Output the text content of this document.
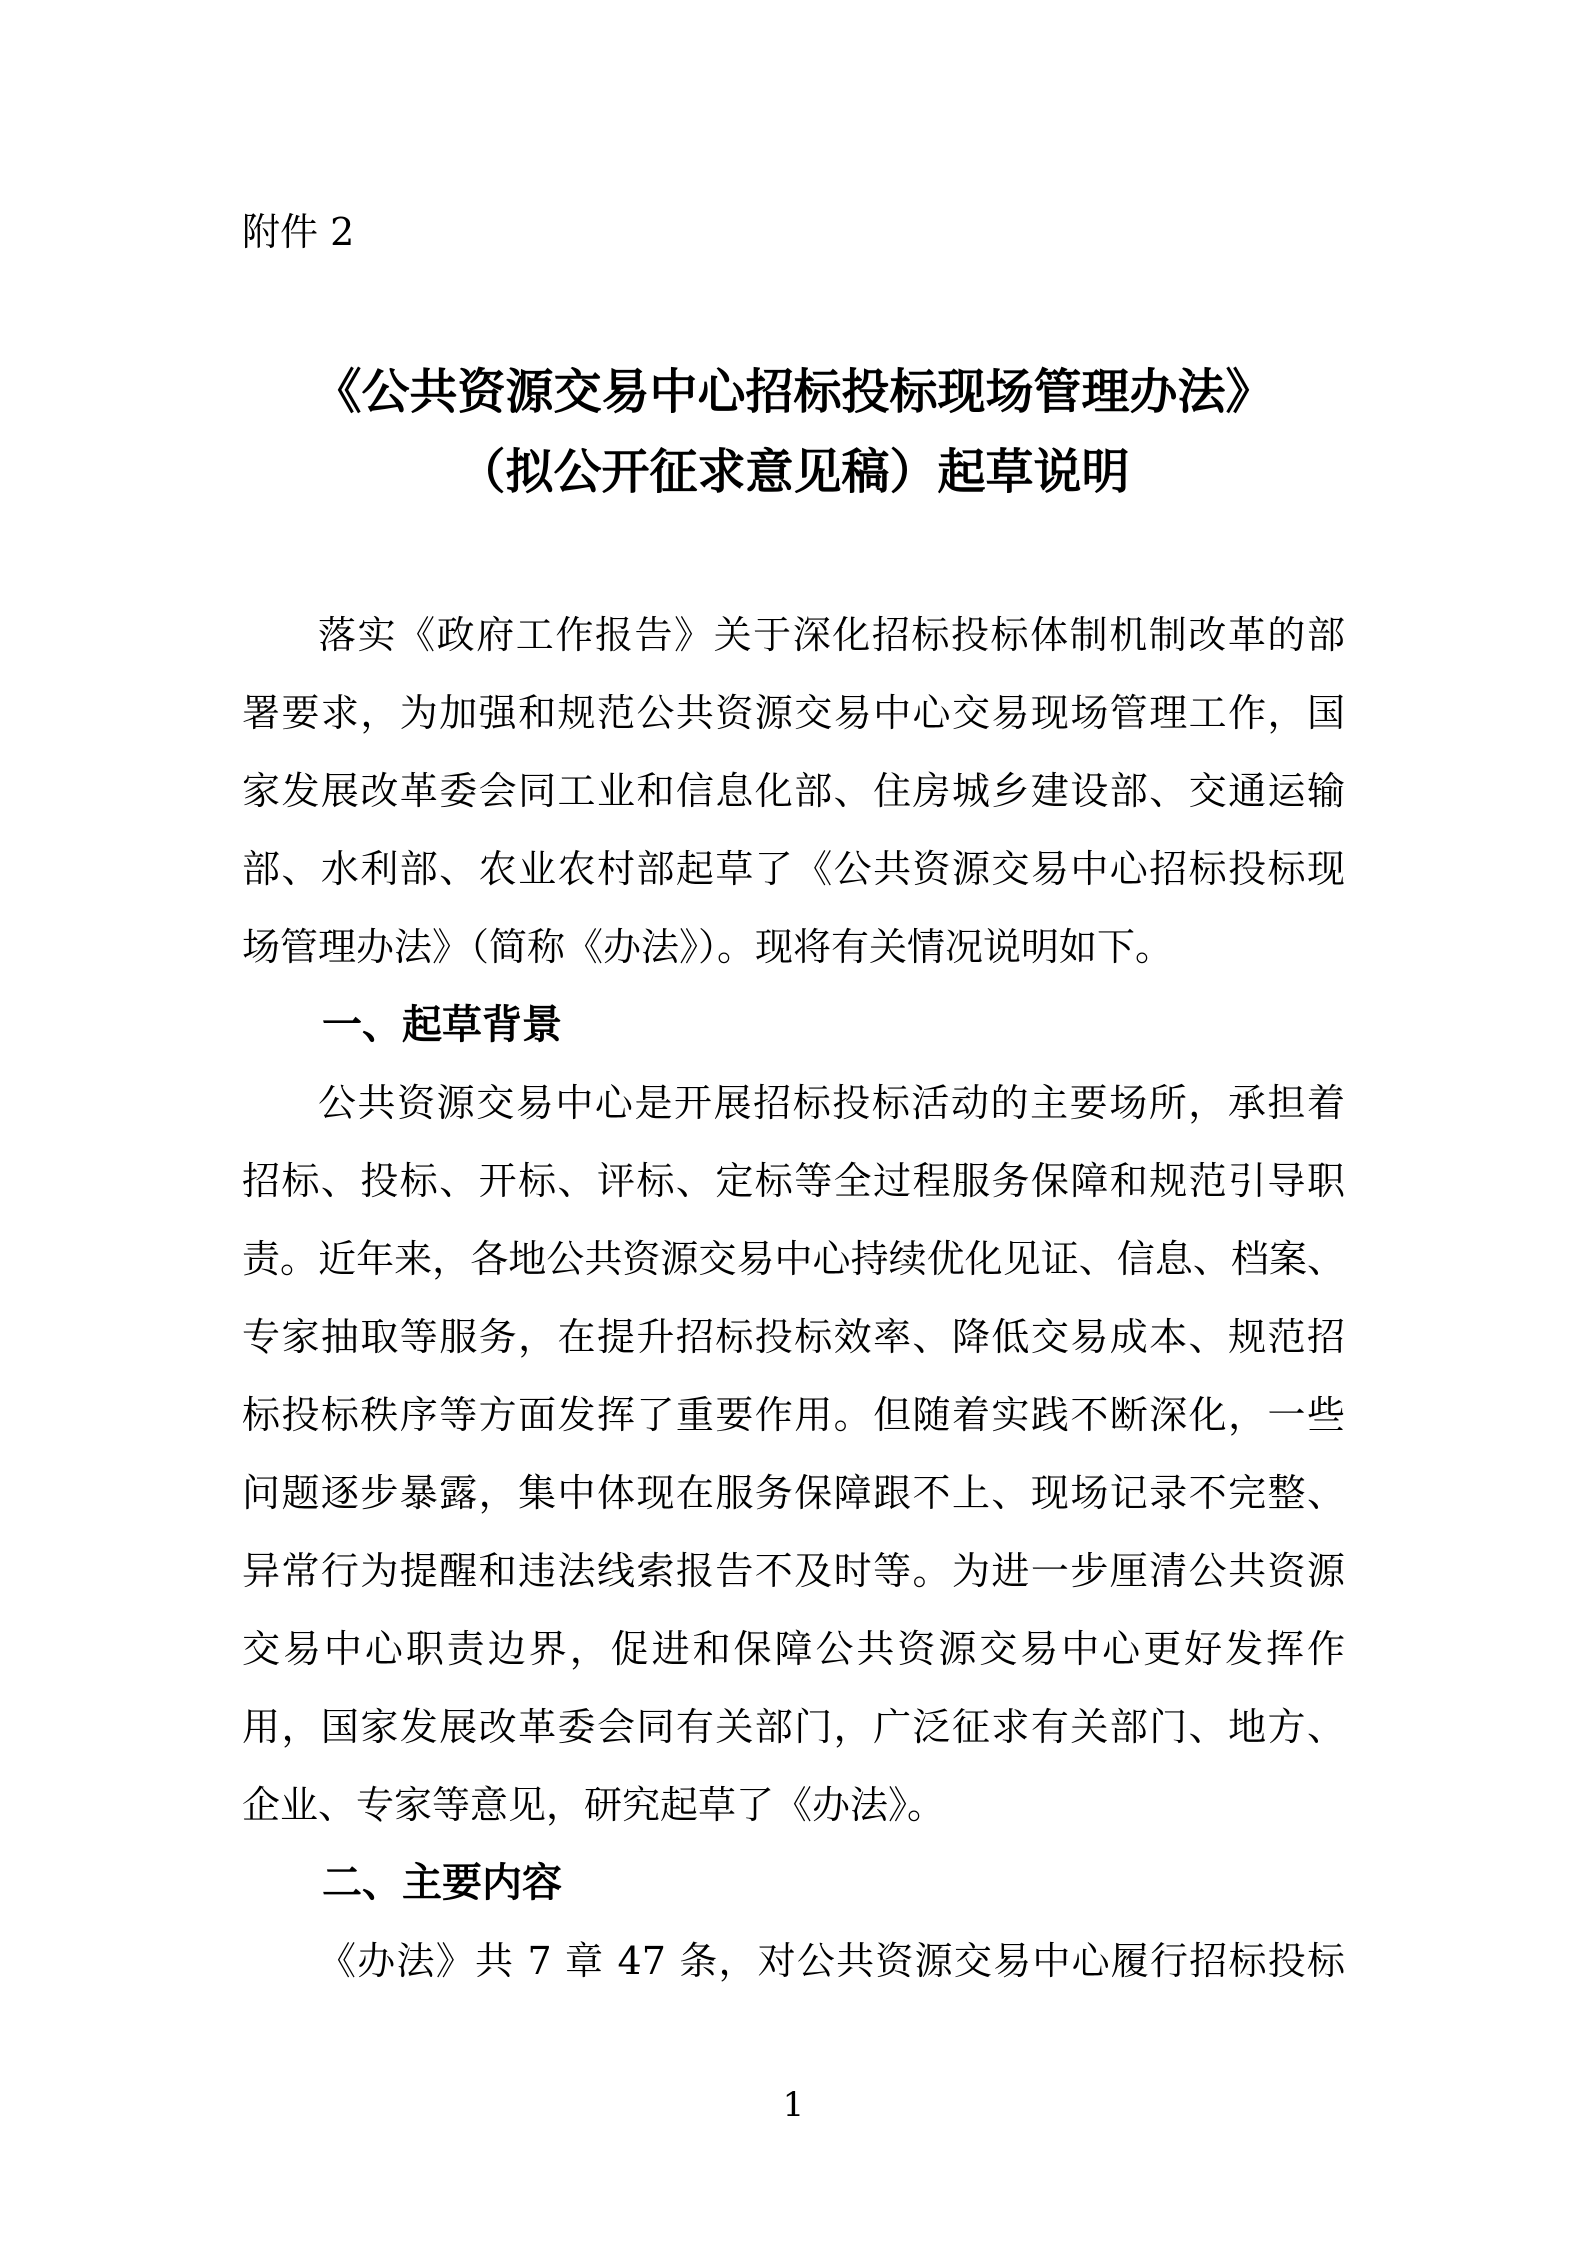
附件 2
《公共资源交易中心招标投标现场管理办法》
（拟公开征求意见稿）起草说明
落实《政府工作报告》关于深化招标投标体制机制改革的部
署要求，为加强和规范公共资源交易中心交易现场管理工作，国
家发展改革委会同工业和信息化部、住房城乡建设部、交通运输
部、水利部、农业农村部起草了《公共资源交易中心招标投标现
场管理办法》（简称《办法》）。现将有关情况说明如下。
一、起草背景
公共资源交易中心是开展招标投标活动的主要场所，承担着
招标、投标、开标、评标、定标等全过程服务保障和规范引导职
责。近年来，各地公共资源交易中心持续优化见证、信息、档案、
专家抽取等服务，在提升招标投标效率、降低交易成本、规范招
标投标秩序等方面发挥了重要作用。但随着实践不断深化，一些
问题逐步暴露，集中体现在服务保障跟不上、现场记录不完整、
异常行为提醒和违法线索报告不及时等。为进一步厘清公共资源
交易中心职责边界，促进和保障公共资源交易中心更好发挥作
用，国家发展改革委会同有关部门，广泛征求有关部门、地方、
企业、专家等意见，研究起草了《办法》。
二、主要内容
《办法》共 7 章 47 条，对公共资源交易中心履行招标投标
1
